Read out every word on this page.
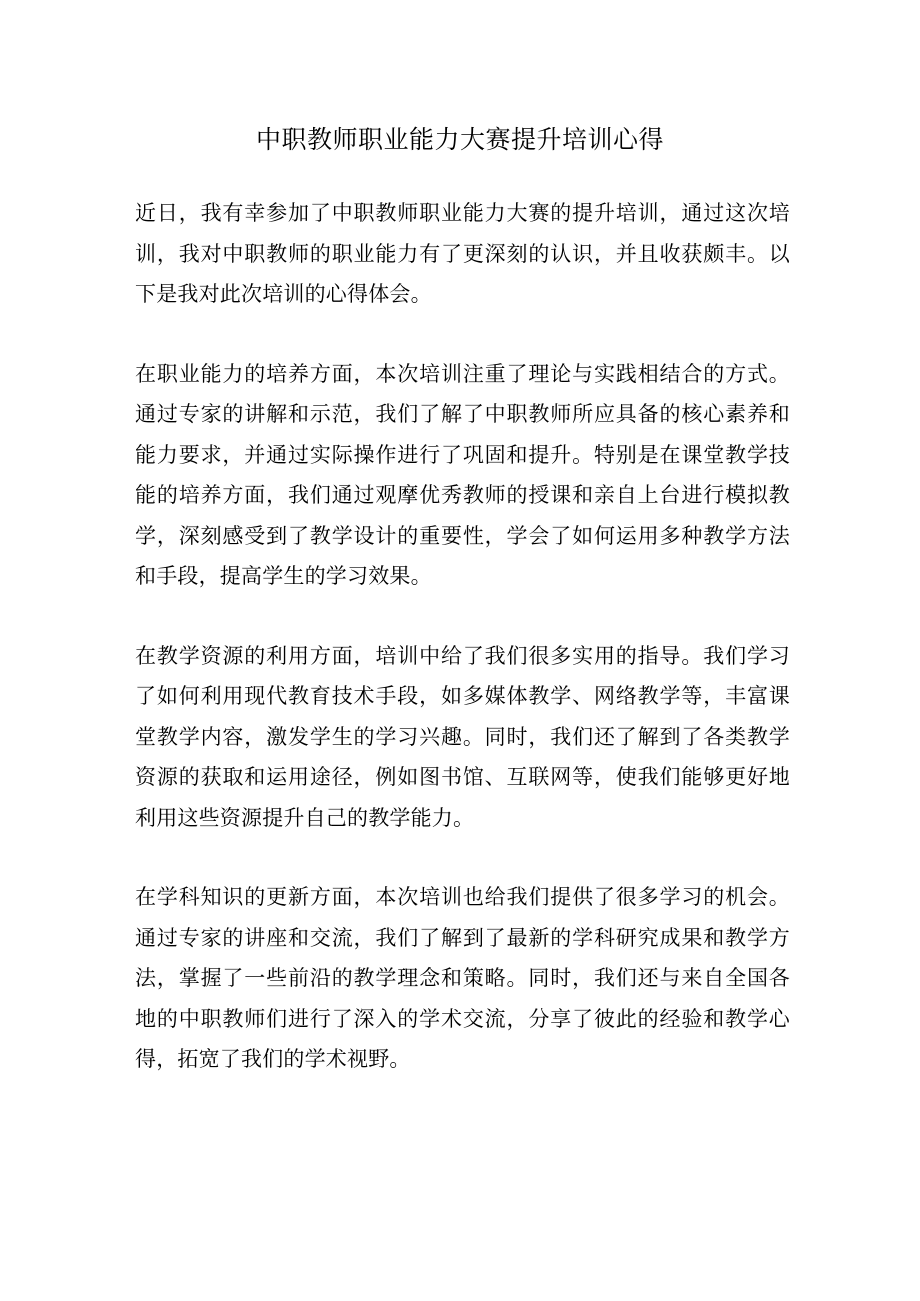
中职教师职业能力大赛提升培训心得

近日，我有幸参加了中职教师职业能力大赛的提升培训，通过这次培训，我对中职教师的职业能力有了更深刻的认识，并且收获颇丰。以下是我对此次培训的心得体会。

在职业能力的培养方面，本次培训注重了理论与实践相结合的方式。通过专家的讲解和示范，我们了解了中职教师所应具备的核心素养和能力要求，并通过实际操作进行了巩固和提升。特别是在课堂教学技能的培养方面，我们通过观摩优秀教师的授课和亲自上台进行模拟教学，深刻感受到了教学设计的重要性，学会了如何运用多种教学方法和手段，提高学生的学习效果。

在教学资源的利用方面，培训中给了我们很多实用的指导。我们学习了如何利用现代教育技术手段，如多媒体教学、网络教学等，丰富课堂教学内容，激发学生的学习兴趣。同时，我们还了解到了各类教学资源的获取和运用途径，例如图书馆、互联网等，使我们能够更好地利用这些资源提升自己的教学能力。

在学科知识的更新方面，本次培训也给我们提供了很多学习的机会。通过专家的讲座和交流，我们了解到了最新的学科研究成果和教学方法，掌握了一些前沿的教学理念和策略。同时，我们还与来自全国各地的中职教师们进行了深入的学术交流，分享了彼此的经验和教学心得，拓宽了我们的学术视野。
